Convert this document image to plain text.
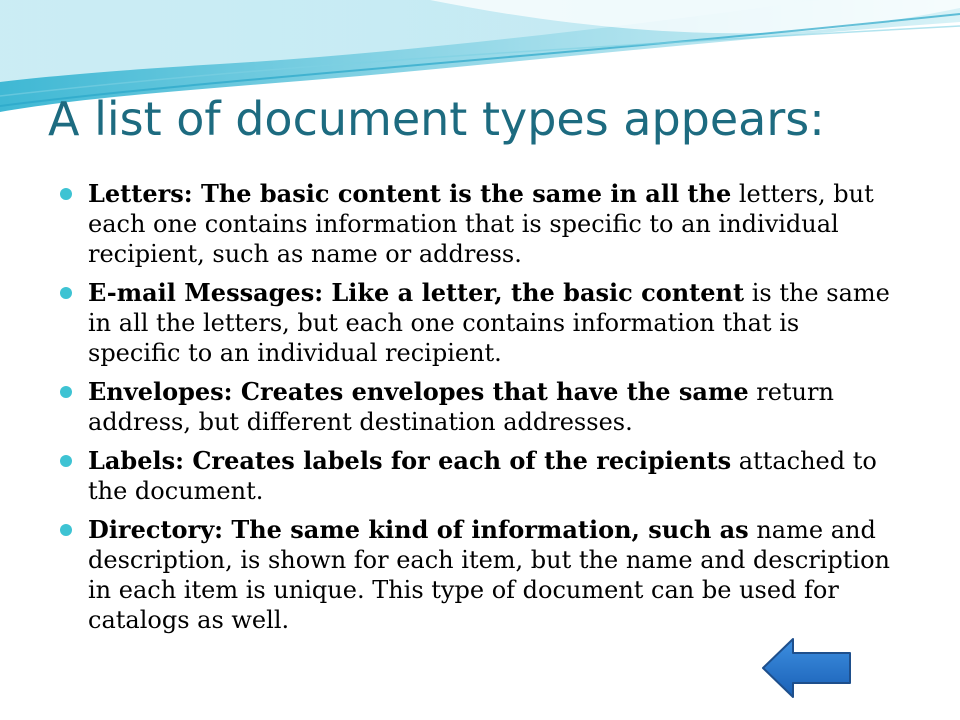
A list of document types appears:
Letters: The basic content is the same in all the letters, but each one contains information that is specific to an individual recipient, such as name or address.
E-mail Messages: Like a letter, the basic content is the same in all the letters, but each one contains information that is specific to an individual recipient.
Envelopes: Creates envelopes that have the same return address, but different destination addresses.
Labels: Creates labels for each of the recipients attached to the document.
Directory: The same kind of information, such as name and description, is shown for each item, but the name and description in each item is unique. This type of document can be used for catalogs as well.
